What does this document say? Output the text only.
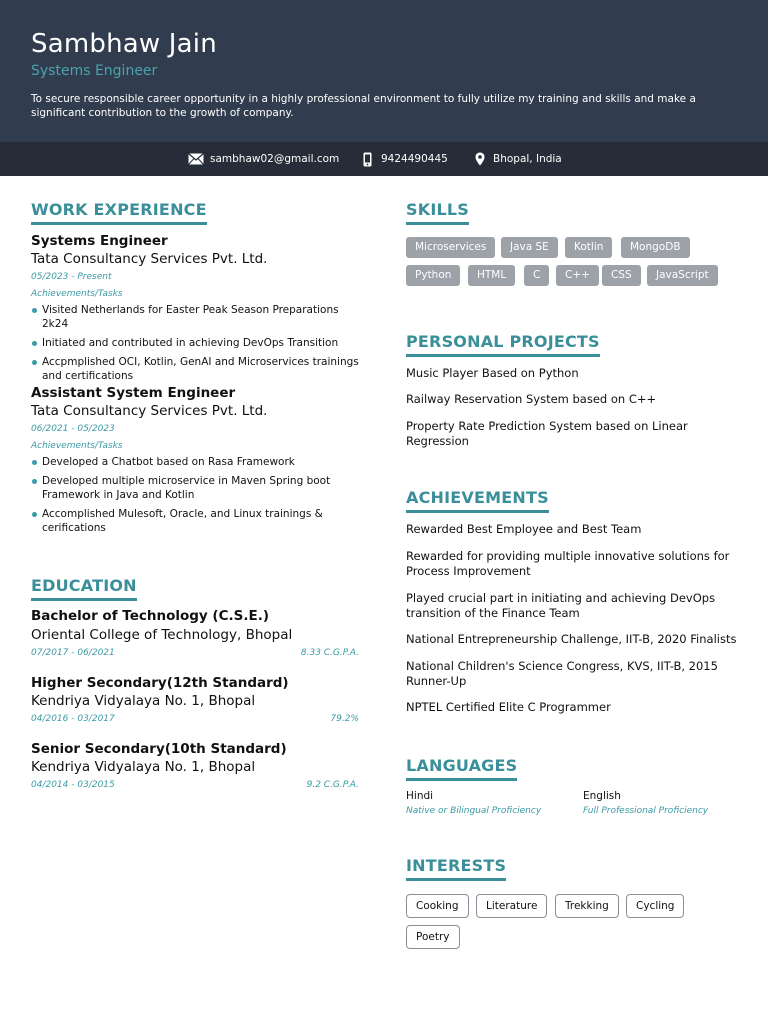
Sambhaw Jain
Systems Engineer
To secure responsible career opportunity in a highly professional environment to fully utilize my training and skills and make a significant contribution to the growth of company.
sambhaw02@gmail.com	9424490445	Bhopal, India
WORK EXPERIENCE
Systems Engineer
Tata Consultancy Services Pvt. Ltd.
05/2023 - Present
Achievements/Tasks
Visited Netherlands for Easter Peak Season Preparations 2k24
Initiated and contributed in achieving DevOps Transition
Accpmplished OCI, Kotlin, GenAI and Microservices trainings and certifications
Assistant System Engineer
Tata Consultancy Services Pvt. Ltd.
06/2021 - 05/2023
Achievements/Tasks
Developed a Chatbot based on Rasa Framework
Developed multiple microservice in Maven Spring boot Framework in Java and Kotlin
Accomplished Mulesoft, Oracle, and Linux trainings & cerifications
EDUCATION
Bachelor of Technology (C.S.E.)
Oriental College of Technology, Bhopal
07/2017 - 06/2021	8.33 C.G.P.A.
Higher Secondary(12th Standard)
Kendriya Vidyalaya No. 1, Bhopal
04/2016 - 03/2017	79.2%
Senior Secondary(10th Standard)
Kendriya Vidyalaya No. 1, Bhopal
04/2014 - 03/2015	9.2 C.G.P.A.
SKILLS
Microservices	Java SE	Kotlin	MongoDB
Python	HTML	C	C++	CSS	JavaScript
PERSONAL PROJECTS
Music Player Based on Python
Railway Reservation System based on C++
Property Rate Prediction System based on Linear Regression
ACHIEVEMENTS
Rewarded Best Employee and Best Team
Rewarded for providing multiple innovative solutions for Process Improvement
Played crucial part in initiating and achieving DevOps transition of the Finance Team
National Entrepreneurship Challenge, IIT-B, 2020 Finalists
National Children's Science Congress, KVS, IIT-B, 2015 Runner-Up
NPTEL Certified Elite C Programmer
LANGUAGES
Hindi
Native or Bilingual Proficiency
English
Full Professional Proficiency
INTERESTS
Cooking	Literature	Trekking	Cycling
Poetry
